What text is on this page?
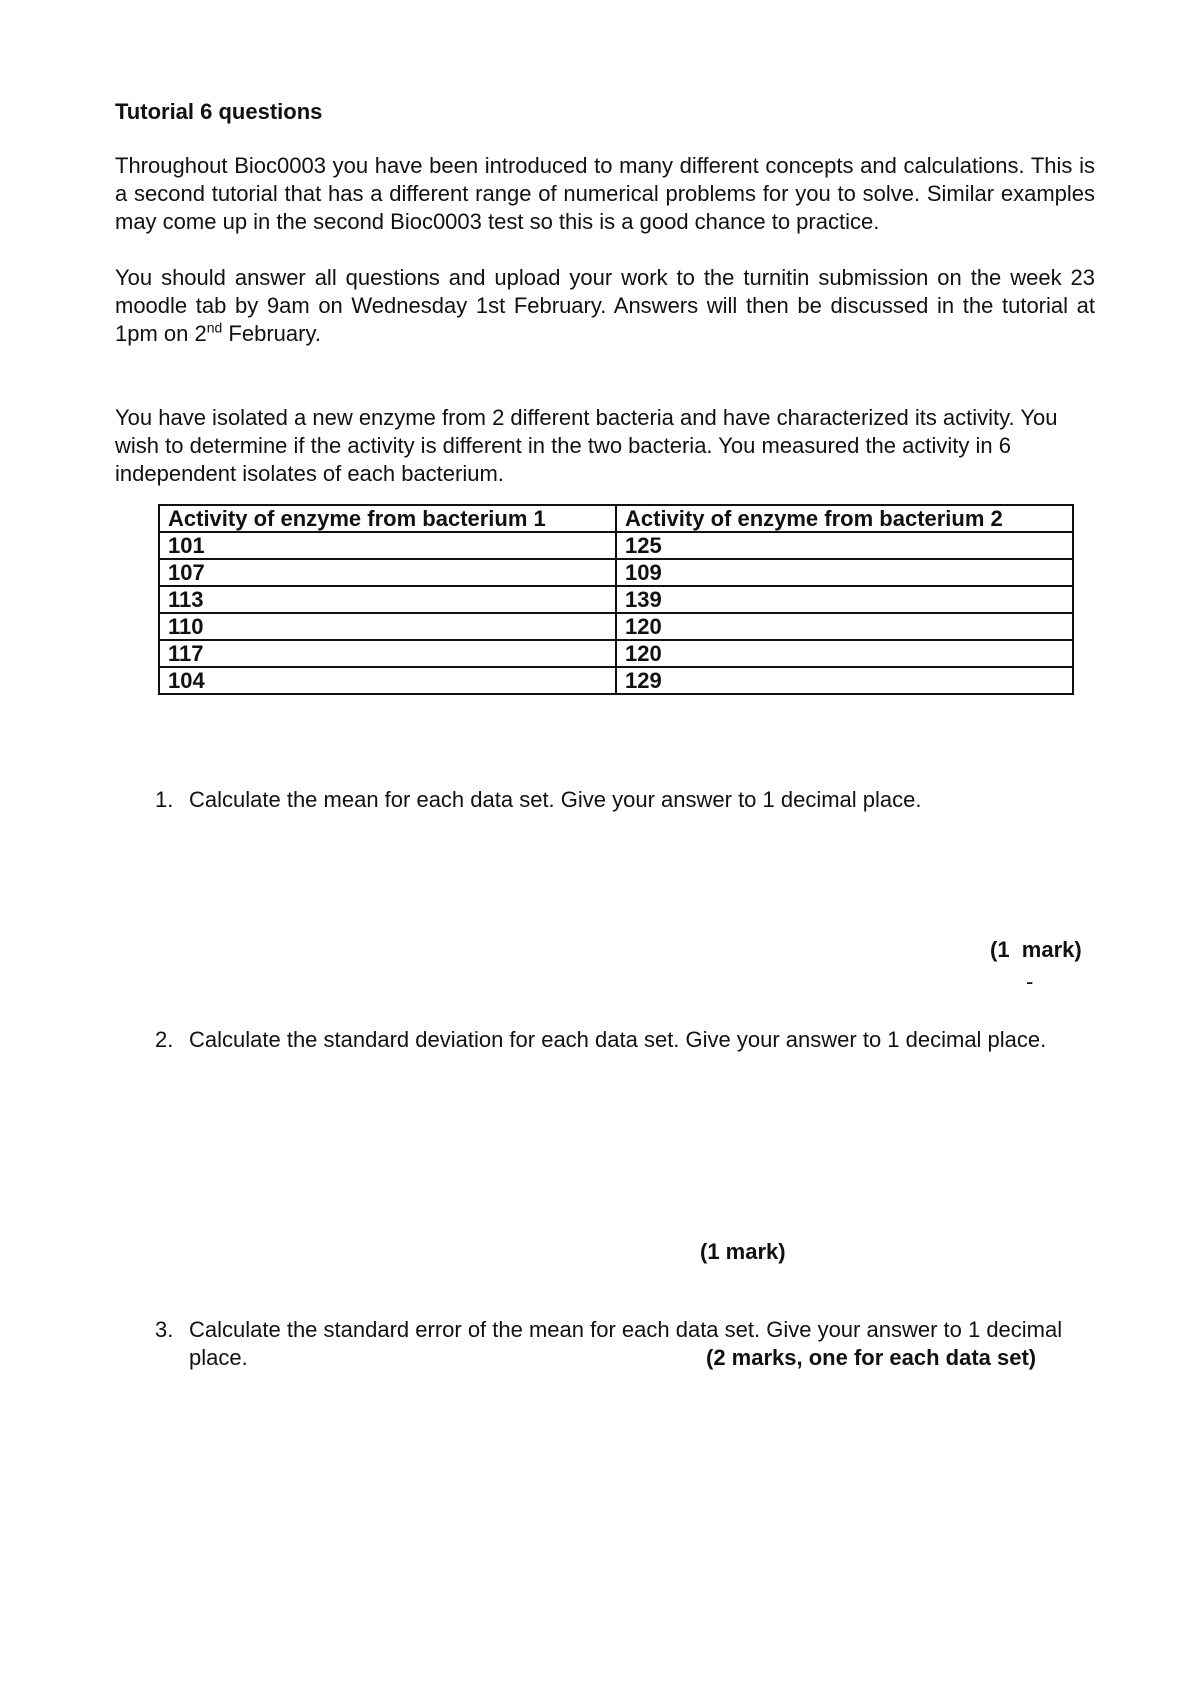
Tutorial 6 questions

Throughout Bioc0003 you have been introduced to many different concepts and calculations. This is a second tutorial that has a different range of numerical problems for you to solve. Similar examples may come up in the second Bioc0003 test so this is a good chance to practice.

You should answer all questions and upload your work to the turnitin submission on the week 23 moodle tab by 9am on Wednesday 1st February. Answers will then be discussed in the tutorial at 1pm on 2nd February.

You have isolated a new enzyme from 2 different bacteria and have characterized its activity. You wish to determine if the activity is different in the two bacteria. You measured the activity in 6 independent isolates of each bacterium.

Activity of enzyme from bacterium 1	Activity of enzyme from bacterium 2
101	125
107	109
113	139
110	120
117	120
104	129
1. Calculate the mean for each data set. Give your answer to 1 decimal place.
(1  mark)
-
2. Calculate the standard deviation for each data set. Give your answer to 1 decimal place.
(1 mark)
3. Calculate the standard error of the mean for each data set. Give your answer to 1 decimal place.	(2 marks, one for each data set)
